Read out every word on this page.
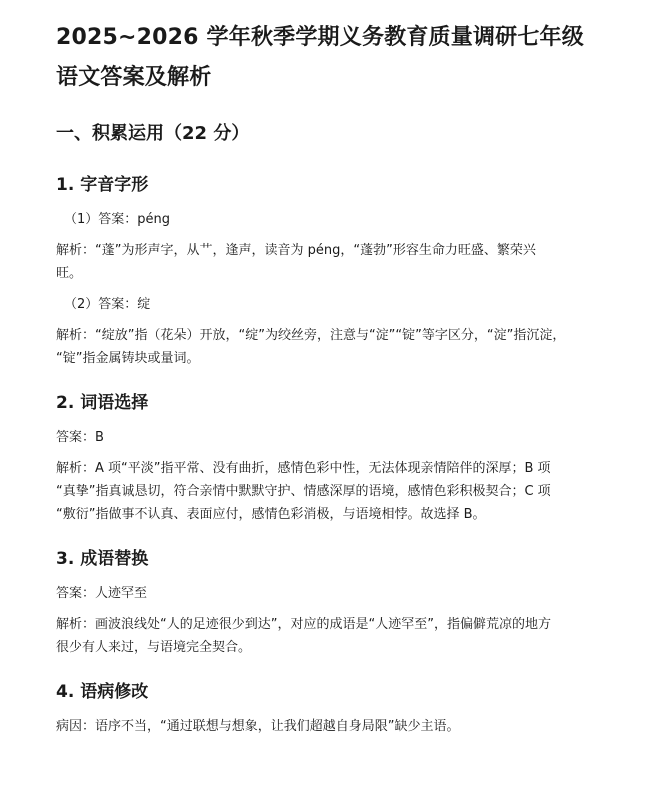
2025~2026 学年秋季学期义务教育质量调研七年级
语文答案及解析
一、积累运用（22 分）
1. 字音字形

（1）答案：péng

解析：“蓬”为形声字，从艹，逢声，读音为 péng，“蓬勃”形容生命力旺盛、繁荣兴

旺。

（2）答案：绽

解析：“绽放”指（花朵）开放，“绽”为绞丝旁，注意与“淀”“锭”等字区分，“淀”指沉淀，

“锭”指金属铸块或量词。

2. 词语选择

答案：B

解析：A 项“平淡”指平常、没有曲折，感情色彩中性，无法体现亲情陪伴的深厚；B 项

“真挚”指真诚恳切，符合亲情中默默守护、情感深厚的语境，感情色彩积极契合；C 项

“敷衍”指做事不认真、表面应付，感情色彩消极，与语境相悖。故选择 B。

3. 成语替换

答案：人迹罕至

解析：画波浪线处“人的足迹很少到达”，对应的成语是“人迹罕至”，指偏僻荒凉的地方

很少有人来过，与语境完全契合。

4. 语病修改

病因：语序不当，“通过联想与想象，让我们超越自身局限”缺少主语。
